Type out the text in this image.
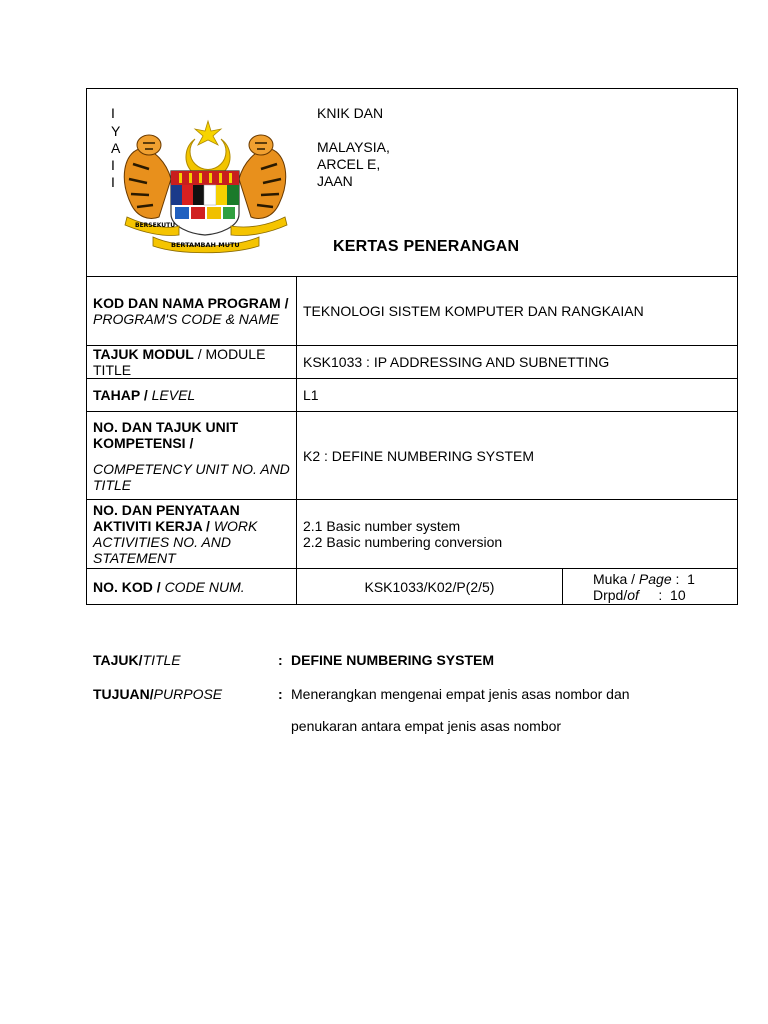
I
Y
A
I
I
KNIK DAN
MALAYSIA,
ARCEL E,
JAAN
BERSEKUTU
BERTAMBAH MUTU	KERTAS PENERANGAN
KOD DAN NAMA PROGRAM /
PROGRAM'S CODE & NAME	TEKNOLOGI SISTEM KOMPUTER DAN RANGKAIAN
TAJUK MODUL / MODULE TITLE	KSK1033 : IP ADDRESSING AND SUBNETTING
TAHAP / LEVEL	L1

NO. DAN TAJUK UNIT KOMPETENSI /
COMPETENCY UNIT NO. AND TITLE	K2 : DEFINE NUMBERING SYSTEM
NO. DAN PENYATAAN AKTIVITI KERJA / WORK ACTIVITIES NO. AND STATEMENT	2.1 Basic number system
2.2 Basic numbering conversion

NO. KOD / CODE NUM.	KSK1033/K02/P(2/5) Muka / Page :  1
Drpd/of     :  10
TAJUK/TITLE	: DEFINE NUMBERING SYSTEM
TUJUAN/PURPOSE	: Menerangkan mengenai empat jenis asas nombor dan
penukaran antara empat jenis asas nombor
